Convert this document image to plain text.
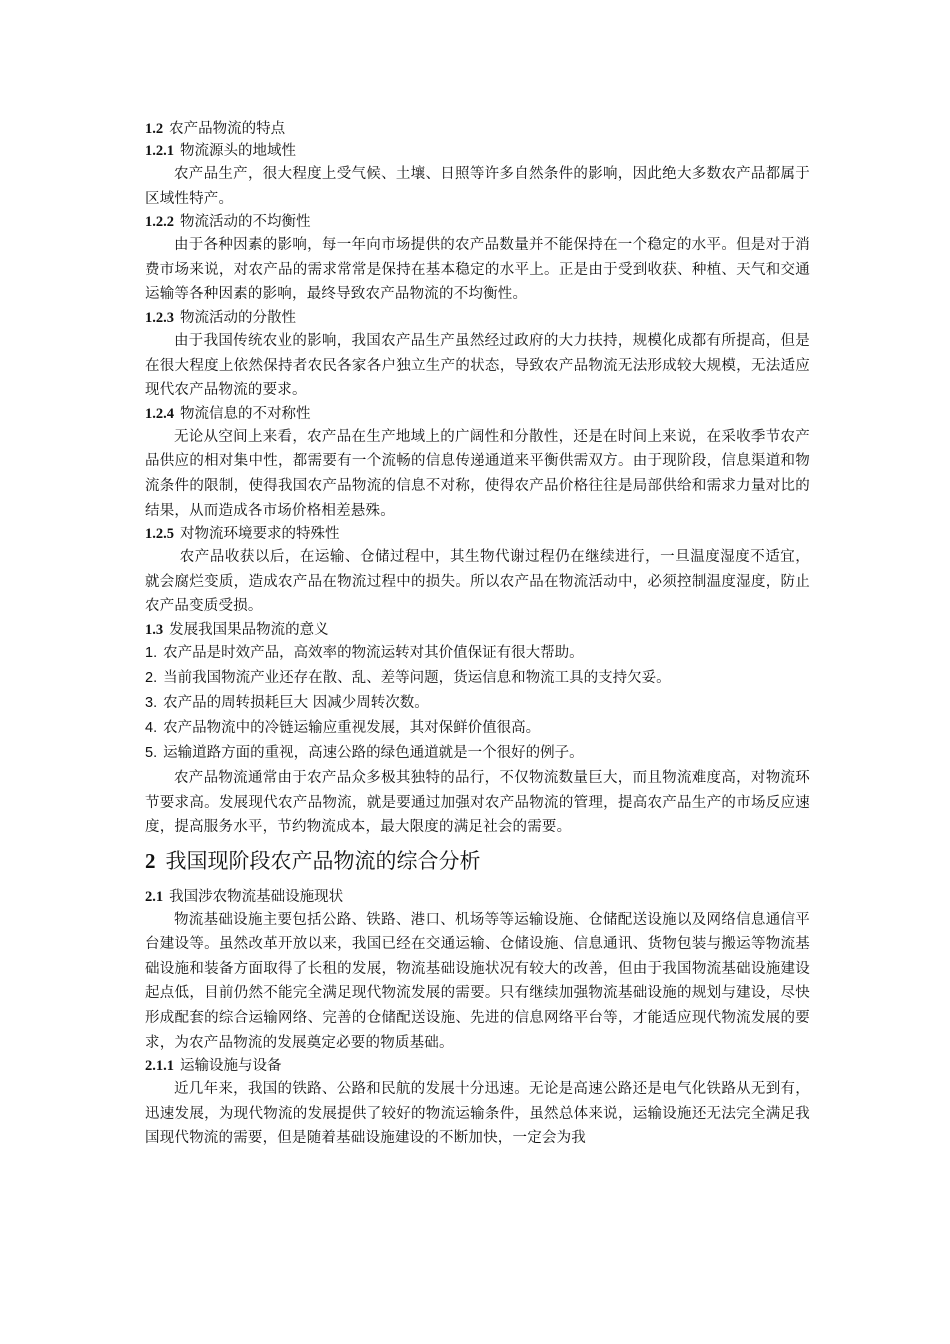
1.2 农产品物流的特点
1.2.1 物流源头的地域性

农产品生产，很大程度上受气候、土壤、日照等许多自然条件的影响，因此绝大多数农产品都属于区域性特产。

1.2.2 物流活动的不均衡性

由于各种因素的影响，每一年向市场提供的农产品数量并不能保持在一个稳定的水平。但是对于消费市场来说，对农产品的需求常常是保持在基本稳定的水平上。正是由于受到收获、种植、天气和交通运输等各种因素的影响，最终导致农产品物流的不均衡性。

1.2.3 物流活动的分散性

由于我国传统农业的影响，我国农产品生产虽然经过政府的大力扶持，规模化成都有所提高，但是在很大程度上依然保持者农民各家各户独立生产的状态，导致农产品物流无法形成较大规模，无法适应现代农产品物流的要求。

1.2.4 物流信息的不对称性

无论从空间上来看，农产品在生产地域上的广阔性和分散性，还是在时间上来说，在采收季节农产品供应的相对集中性，都需要有一个流畅的信息传递通道来平衡供需双方。由于现阶段，信息渠道和物流条件的限制，使得我国农产品物流的信息不对称，使得农产品价格往往是局部供给和需求力量对比的结果，从而造成各市场价格相差悬殊。

1.2.5 对物流环境要求的特殊性

农产品收获以后，在运输、仓储过程中，其生物代谢过程仍在继续进行，一旦温度湿度不适宜，就会腐烂变质，造成农产品在物流过程中的损失。所以农产品在物流活动中，必须控制温度湿度，防止农产品变质受损。

1.3 发展我国果品物流的意义
1. 农产品是时效产品，高效率的物流运转对其价值保证有很大帮助。
2. 当前我国物流产业还存在散、乱、差等问题，货运信息和物流工具的支持欠妥。
3. 农产品的周转损耗巨大 因减少周转次数。
4. 农产品物流中的冷链运输应重视发展，其对保鲜价值很高。
5. 运输道路方面的重视，高速公路的绿色通道就是一个很好的例子。

农产品物流通常由于农产品众多极其独特的品行，不仅物流数量巨大，而且物流难度高，对物流环节要求高。发展现代农产品物流，就是要通过加强对农产品物流的管理，提高农产品生产的市场反应速度，提高服务水平，节约物流成本，最大限度的满足社会的需要。

2 我国现阶段农产品物流的综合分析
2.1 我国涉农物流基础设施现状

物流基础设施主要包括公路、铁路、港口、机场等等运输设施、仓储配送设施以及网络信息通信平台建设等。虽然改革开放以来，我国已经在交通运输、仓储设施、信息通讯、货物包装与搬运等物流基础设施和装备方面取得了长租的发展，物流基础设施状况有较大的改善，但由于我国物流基础设施建设起点低，目前仍然不能完全满足现代物流发展的需要。只有继续加强物流基础设施的规划与建设，尽快形成配套的综合运输网络、完善的仓储配送设施、先进的信息网络平台等，才能适应现代物流发展的要求，为农产品物流的发展奠定必要的物质基础。

2.1.1 运输设施与设备

近几年来，我国的铁路、公路和民航的发展十分迅速。无论是高速公路还是电气化铁路从无到有，迅速发展，为现代物流的发展提供了较好的物流运输条件，虽然总体来说，运输设施还无法完全满足我国现代物流的需要，但是随着基础设施建设的不断加快，一定会为我
